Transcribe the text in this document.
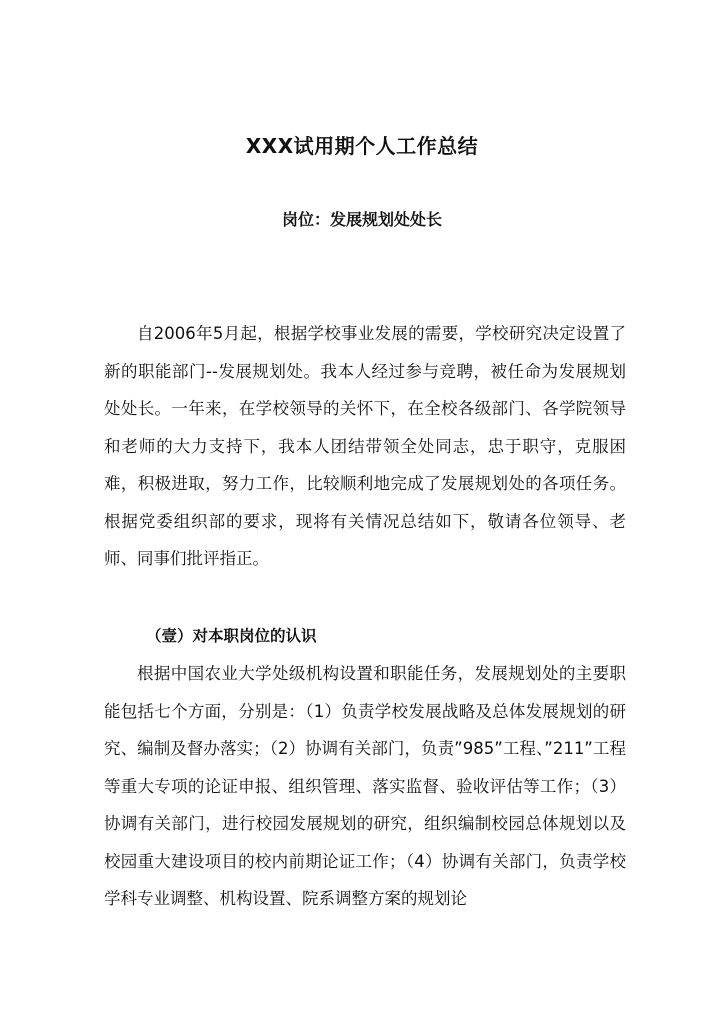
XXX试用期个人工作总结
岗位：发展规划处处长
自2006年5月起，根据学校事业发展的需要，学校研究决定设置了新的职能部门--发展规划处。我本人经过参与竞聘，被任命为发展规划处处长。一年来，在学校领导的关怀下，在全校各级部门、各学院领导和老师的大力支持下，我本人团结带领全处同志，忠于职守，克服困难，积极进取，努力工作，比较顺利地完成了发展规划处的各项任务。根据党委组织部的要求，现将有关情况总结如下，敬请各位领导、老师、同事们批评指正。
（壹）对本职岗位的认识
根据中国农业大学处级机构设置和职能任务，发展规划处的主要职能包括七个方面，分别是：（1）负责学校发展战略及总体发展规划的研究、编制及督办落实；（2）协调有关部门，负责”985”工程、”211”工程等重大专项的论证申报、组织管理、落实监督、验收评估等工作；（3）协调有关部门，进行校园发展规划的研究，组织编制校园总体规划以及校园重大建设项目的校内前期论证工作；（4）协调有关部门，负责学校学科专业调整、机构设置、院系调整方案的规划论
